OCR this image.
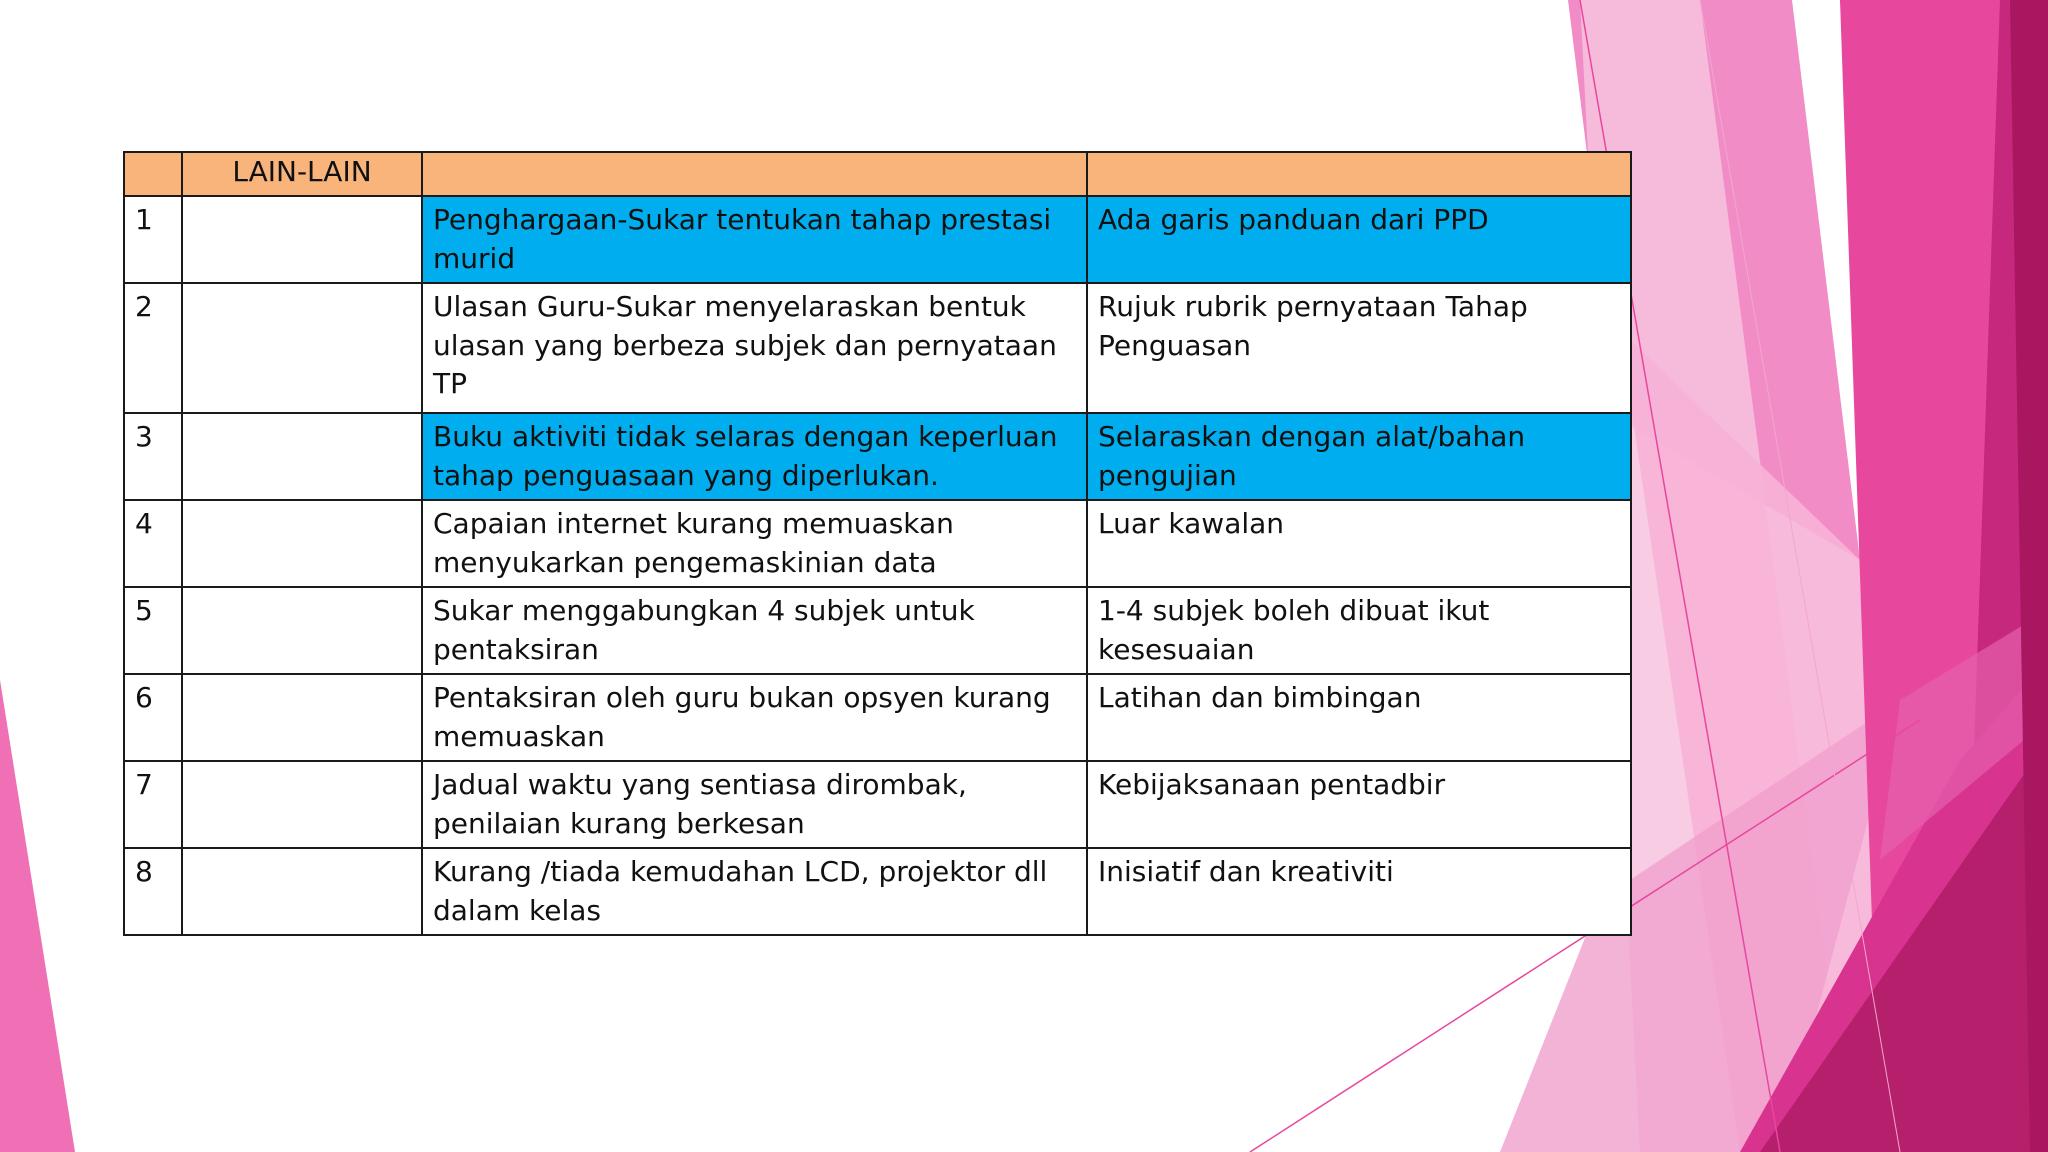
	LAIN-LAIN		
1		Penghargaan-Sukar tentukan tahap prestasi murid	Ada garis panduan dari PPD
2		Ulasan Guru-Sukar menyelaraskan bentuk ulasan yang berbeza subjek dan pernyataan TP	Rujuk rubrik pernyataan Tahap Penguasan
3		Buku aktiviti tidak selaras dengan keperluan tahap penguasaan yang diperlukan.	Selaraskan dengan alat/bahan pengujian
4		Capaian internet kurang memuaskan menyukarkan pengemaskinian data	Luar kawalan
5		Sukar menggabungkan 4 subjek untuk pentaksiran	1-4 subjek boleh dibuat ikut kesesuaian
6		Pentaksiran oleh guru bukan opsyen kurang memuaskan	Latihan dan bimbingan
7		Jadual waktu yang sentiasa dirombak, penilaian kurang berkesan	Kebijaksanaan pentadbir
8		Kurang /tiada kemudahan LCD, projektor dll dalam kelas	Inisiatif dan kreativiti
